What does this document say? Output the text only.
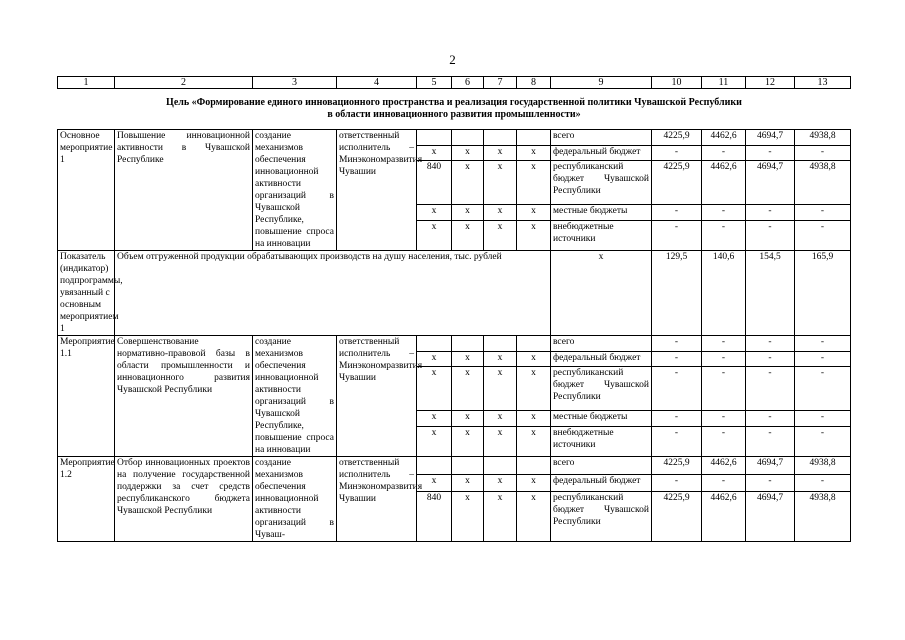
2
1	2	3	4	5	6	7	8	9	10	11	12	13

Цель «Формирование единого инновационного пространства и реализация государственной политики Чувашской Республики
в области инновационного развития промышленности»												

Основное мероприятие 1	Повышение инновационной активности в Чувашской Республике	создание механизмов обеспечения инновационной активности организаций в Чувашской Республике, повышение спроса на инновации	ответственный исполнитель – Минэкономразвития Чувашии					всего	4225,9	4462,6	4694,7	4938,8
				x	x	x	x	федеральный бюджет	-	-	-	-
				840	x	x	x	республиканский бюджет Чувашской Республики	4225,9	4462,6	4694,7	4938,8
				x	x	x	x	местные бюджеты	-	-	-	-
				x	x	x	x	внебюджетные источники	-	-	-	-
Показатель (индикатор) подпрограммы, увязанный с основным мероприятием 1	Объем отгруженной продукции обрабатывающих производств на душу населения, тыс. рублей							x	129,5	140,6	154,5	165,9
Мероприятие 1.1	Совершенствование нормативно-правовой базы в области промышленности и инновационного развития Чувашской Республики	создание механизмов обеспечения инновационной активности организаций в Чувашской Республике, повышение спроса на инновации	ответственный исполнитель – Минэкономразвития Чувашии					всего	-	-	-	-
				x	x	x	x	федеральный бюджет	-	-	-	-
				x	x	x	x	республиканский бюджет Чувашской Республики	-	-	-	-
				x	x	x	x	местные бюджеты	-	-	-	-
				x	x	x	x	внебюджетные источники	-	-	-	-
Мероприятие 1.2	Отбор инновационных проектов на получение государственной поддержки за счет средств республиканского бюджета Чувашской Республики	создание механизмов обеспечения инновационной активности организаций в Чуваш-	ответственный исполнитель – Минэкономразвития Чувашии					всего	4225,9	4462,6	4694,7	4938,8
				x	x	x	x	федеральный бюджет	-	-	-	-
				840	x	x	x	республиканский бюджет Чувашской Республики	4225,9	4462,6	4694,7	4938,8
